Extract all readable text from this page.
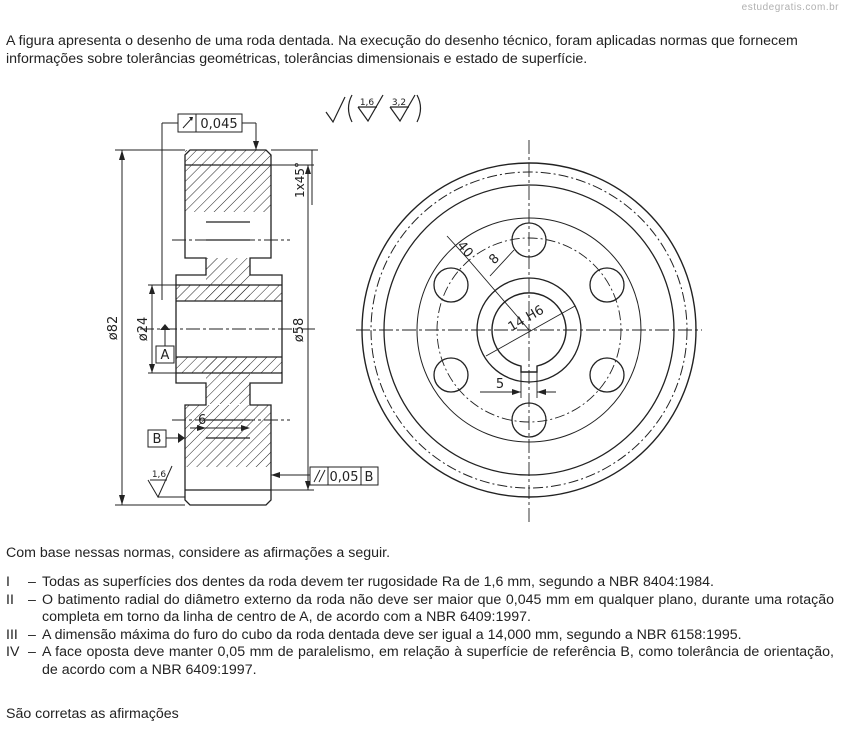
estudegratis.com.br

A figura apresenta o desenho de uma roda dentada. Na execução do desenho técnico, foram aplicadas normas que fornecem informações sobre tolerâncias geométricas, tolerâncias dimensionais e estado de superfície.

ø82 ø24	ø58
1x45°
6
0,045
A
B
1,6	0,05 B
1,6 3,2
40 8
14 H6
5
Com base nessas normas, considere as afirmações a seguir.
I	– Todas as superfícies dos dentes da roda devem ter rugosidade Ra de 1,6 mm, segundo a NBR 8404:1984.
II – O batimento radial do diâmetro externo da roda não deve ser maior que 0,045 mm em qualquer plano, durante uma rotação completa em torno da linha de centro de A, de acordo com a NBR 6409:1997.
III – A dimensão máxima do furo do cubo da roda dentada deve ser igual a 14,000 mm, segundo a NBR 6158:1995.
IV – A face oposta deve manter 0,05 mm de paralelismo, em relação à superfície de referência B, como tolerância de orientação, de acordo com a NBR 6409:1997.
São corretas as afirmações
